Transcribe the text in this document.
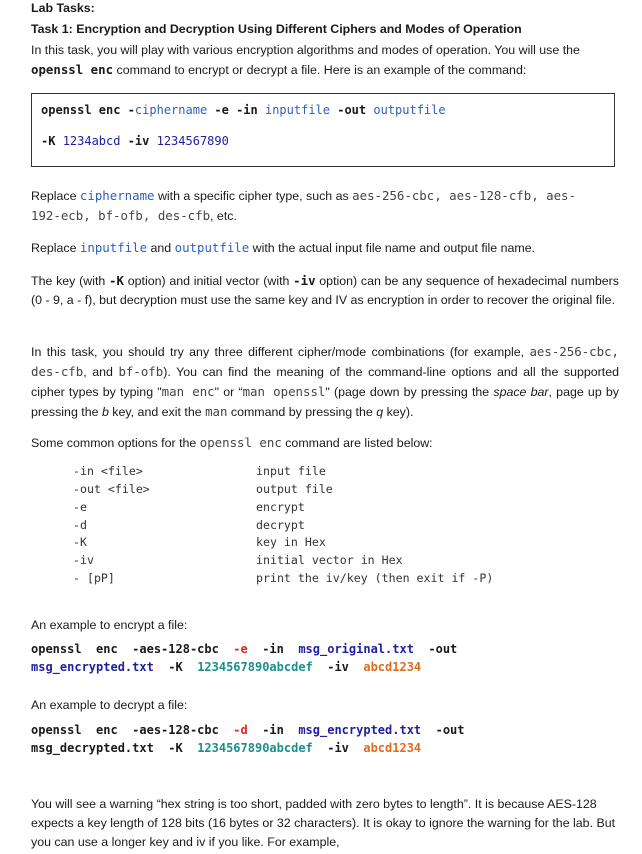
Lab Tasks:
Task 1: Encryption and Decryption Using Different Ciphers and Modes of Operation
In this task, you will play with various encryption algorithms and modes of operation. You will use the
openssl enc command to encrypt or decrypt a file. Here is an example of the command:
openssl enc -ciphername -e -in inputfile -out outputfile
-K 1234abcd -iv 1234567890
Replace ciphername with a specific cipher type, such as aes-256-cbc, aes-128-cfb, aes-
192-ecb, bf-ofb, des-cfb, etc.
Replace inputfile and outputfile with the actual input file name and output file name.
The key (with -K option) and initial vector (with -iv option) can be any sequence of hexadecimal numbers (0 - 9, a - f), but decryption must use the same key and IV as encryption in order to recover the original file.
In this task, you should try any three different cipher/mode combinations (for example, aes-256-cbc, des-cfb, and bf-ofb). You can find the meaning of the command-line options and all the supported cipher types by typing "man enc" or “man openssl" (page down by pressing the space bar, page up by pressing the b key, and exit the man command by pressing the q key).
Some common options for the openssl enc command are listed below:
-in <file>	input file
-out <file>	output file
-e	encrypt
-d	decrypt
-K	key in Hex
-iv	initial vector in Hex
- [pP]	print the iv/key (then exit if -P)
An example to encrypt a file:
openssl  enc  -aes-128-cbc  -e  -in  msg_original.txt  -out
msg_encrypted.txt  -K  1234567890abcdef  -iv  abcd1234
An example to decrypt a file:
openssl  enc  -aes-128-cbc  -d  -in  msg_encrypted.txt  -out
msg_decrypted.txt  -K  1234567890abcdef  -iv  abcd1234
You will see a warning “hex string is too short, padded with zero bytes to length”. It is because AES-128 expects a key length of 128 bits (16 bytes or 32 characters). It is okay to ignore the warning for the lab. But you can use a longer key and iv if you like. For example,
